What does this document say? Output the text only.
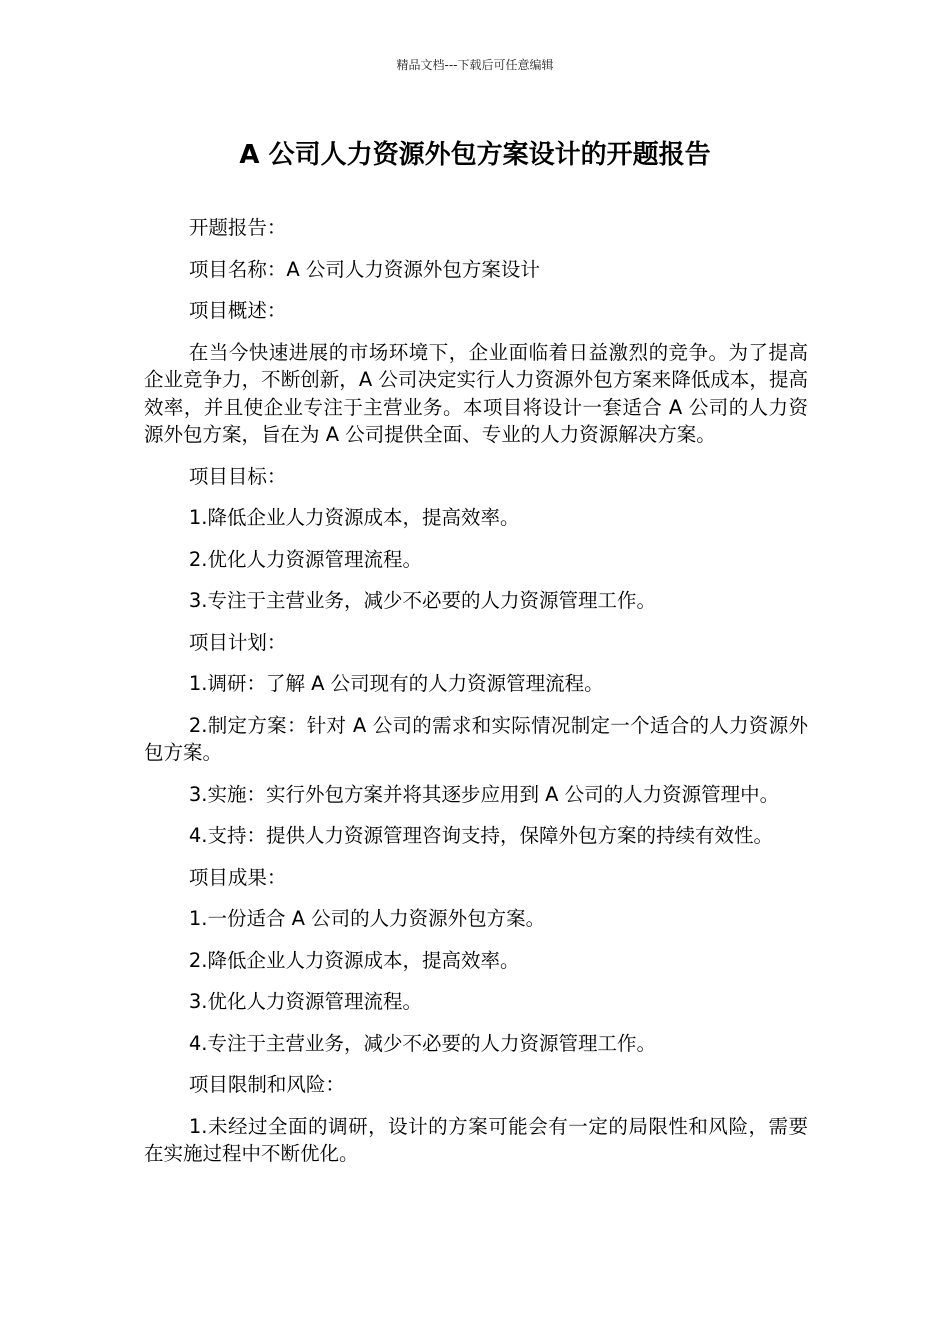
精品文档---下载后可任意编辑
A 公司人力资源外包方案设计的开题报告

开题报告：

项目名称：A 公司人力资源外包方案设计

项目概述：

在当今快速进展的市场环境下，企业面临着日益激烈的竞争。为了提高企业竞争力，不断创新，A 公司决定实行人力资源外包方案来降低成本，提高效率，并且使企业专注于主营业务。本项目将设计一套适合 A 公司的人力资源外包方案，旨在为 A 公司提供全面、专业的人力资源解决方案。

项目目标：

1.降低企业人力资源成本，提高效率。

2.优化人力资源管理流程。

3.专注于主营业务，减少不必要的人力资源管理工作。

项目计划：

1.调研：了解 A 公司现有的人力资源管理流程。

2.制定方案：针对 A 公司的需求和实际情况制定一个适合的人力资源外包方案。

3.实施：实行外包方案并将其逐步应用到 A 公司的人力资源管理中。

4.支持：提供人力资源管理咨询支持，保障外包方案的持续有效性。

项目成果：

1.一份适合 A 公司的人力资源外包方案。

2.降低企业人力资源成本，提高效率。

3.优化人力资源管理流程。

4.专注于主营业务，减少不必要的人力资源管理工作。

项目限制和风险：

1.未经过全面的调研，设计的方案可能会有一定的局限性和风险，需要在实施过程中不断优化。
